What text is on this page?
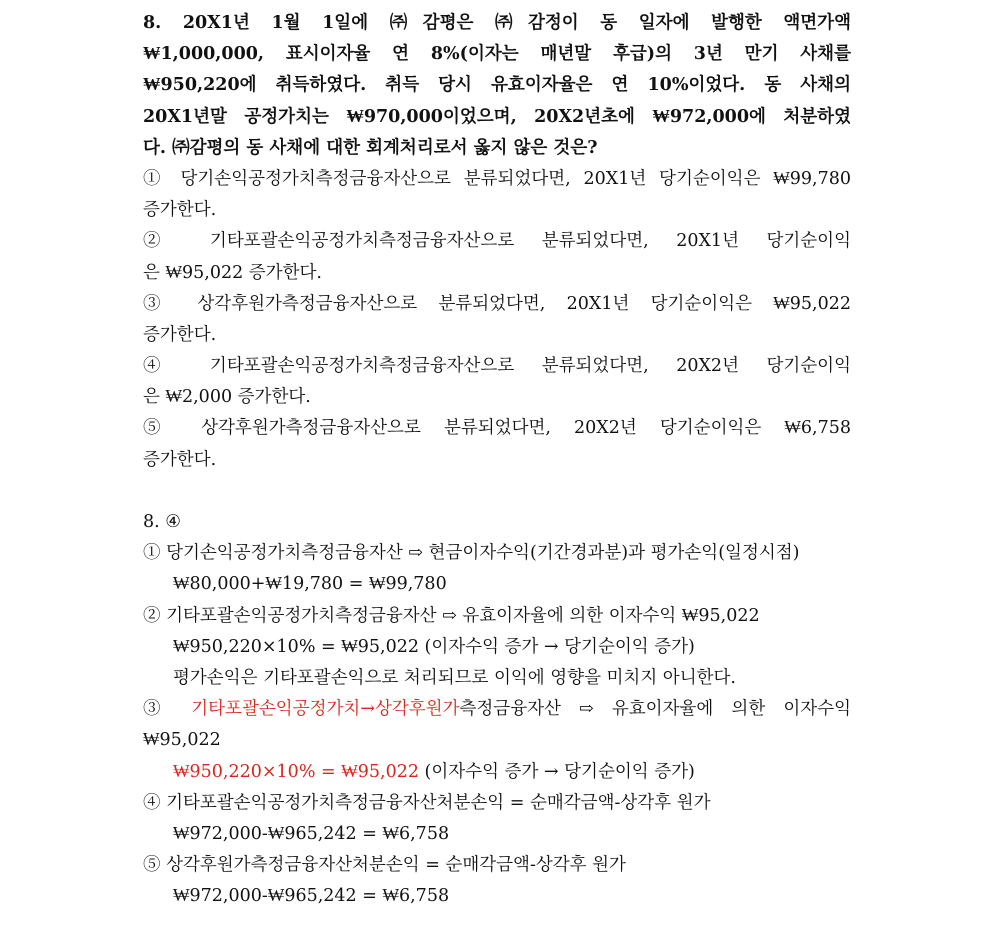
8. 20X1년 1월 1일에 ㈜감평은 ㈜감정이 동 일자에 발행한 액면가액
₩1,000,000, 표시이자율 연 8%(이자는 매년말 후급)의 3년 만기 사채를
₩950,220에 취득하였다. 취득 당시 유효이자율은 연 10%이었다. 동 사채의
20X1년말 공정가치는 ₩970,000이었으며, 20X2년초에 ₩972,000에 처분하였
다. ㈜감평의 동 사채에 대한 회계처리로서 옳지 않은 것은?
① 당기손익공정가치측정금융자산으로 분류되었다면, 20X1년 당기순이익은 ₩99,780
증가한다.
② 기타포괄손익공정가치측정금융자산으로 분류되었다면, 20X1년 당기순이익
은 ₩95,022 증가한다.
③ 상각후원가측정금융자산으로 분류되었다면, 20X1년 당기순이익은 ₩95,022
증가한다.
④ 기타포괄손익공정가치측정금융자산으로 분류되었다면, 20X2년 당기순이익
은 ₩2,000 증가한다.
⑤ 상각후원가측정금융자산으로 분류되었다면, 20X2년 당기순이익은 ₩6,758
증가한다.
8. ④
① 당기손익공정가치측정금융자산 ⇨ 현금이자수익(기간경과분)과 평가손익(일정시점)
₩80,000+₩19,780 = ₩99,780
② 기타포괄손익공정가치측정금융자산 ⇨ 유효이자율에 의한 이자수익 ₩95,022
₩950,220×10% = ₩95,022 (이자수익 증가 → 당기순이익 증가)
평가손익은 기타포괄손익으로 처리되므로 이익에 영향을 미치지 아니한다.
③ 기타포괄손익공정가치→상각후원가측정금융자산 ⇨ 유효이자율에 의한 이자수익
₩95,022
₩950,220×10% = ₩95,022 (이자수익 증가 → 당기순이익 증가)
④ 기타포괄손익공정가치측정금융자산처분손익 = 순매각금액-상각후 원가
₩972,000-₩965,242 = ₩6,758
⑤ 상각후원가측정금융자산처분손익 = 순매각금액-상각후 원가
₩972,000-₩965,242 = ₩6,758
